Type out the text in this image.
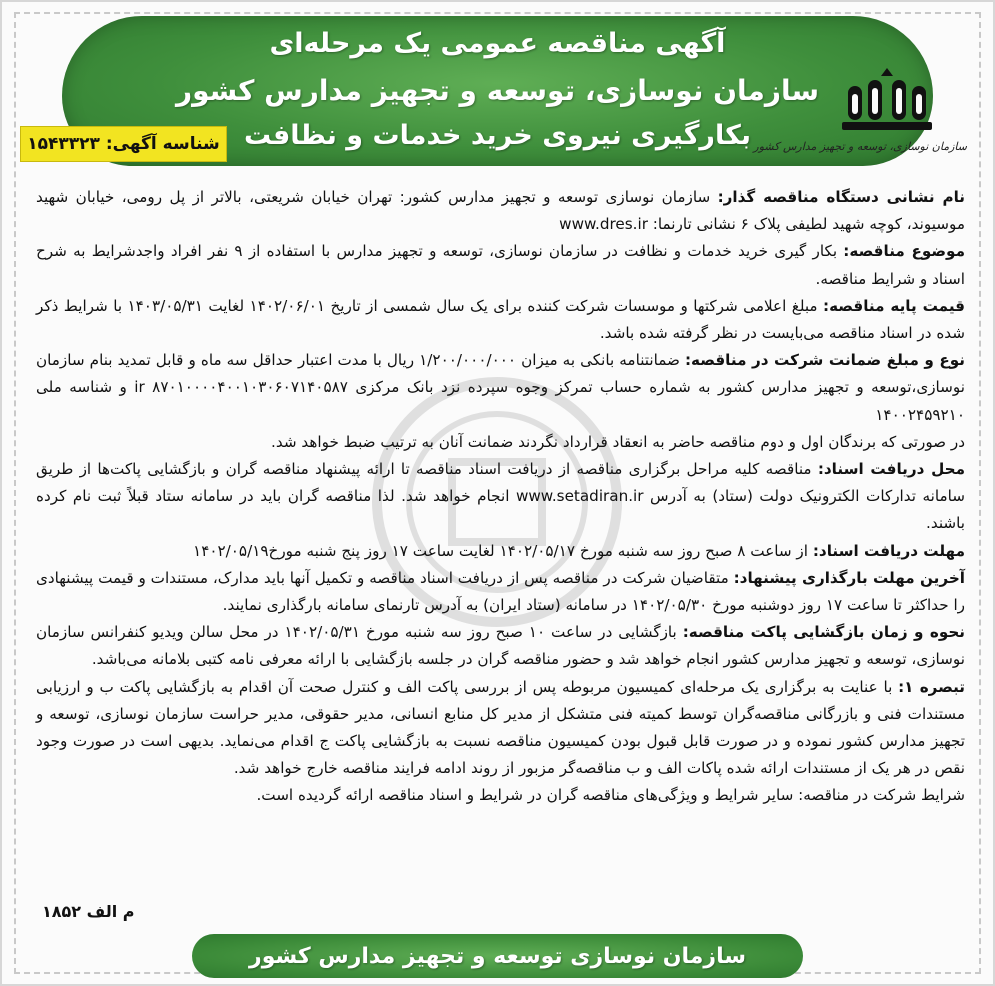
آگهی مناقصه عمومی یک مرحله‌ای
سازمان نوسازی، توسعه و تجهیز مدارس کشور
بکارگیری نیروی خرید خدمات و نظافت
شناسه آگهی: ۱۵۴۳۳۲۳	سازمان نوسازی، توسعه و تجهیز مدارس کشور

نام نشانی دستگاه مناقصه گذار: سازمان نوسازی توسعه و تجهیز مدارس کشور: تهران خیابان شریعتی، بالاتر از پل رومی، خیابان شهید موسیوند، کوچه شهید لطیفی پلاک ۶ نشانی تارنما: www.dres.ir

موضوع مناقصه: بکار گیری خرید خدمات و نظافت در سازمان نوسازی، توسعه و تجهیز مدارس با استفاده از ۹ نفر افراد واجدشرایط به شرح اسناد و شرایط مناقصه.

قیمت پایه مناقصه: مبلغ اعلامی شرکتها و موسسات شرکت کننده برای یک سال شمسی از تاریخ ۱۴۰۲/۰۶/۰۱ لغایت ۱۴۰۳/۰۵/۳۱ با شرایط ذکر شده در اسناد مناقصه می‌بایست در نظر گرفته شده باشد.

نوع و مبلغ ضمانت شرکت در مناقصه: ضمانتنامه بانکی به میزان ۱/۲۰۰/۰۰۰/۰۰۰ ریال با مدت اعتبار حداقل سه ماه و قابل تمدید بنام سازمان نوسازی،توسعه و تجهیز مدارس کشور به شماره حساب تمرکز وجوه سپرده نزد بانک مرکزی ir ۸۷۰۱۰۰۰۰۴۰۰۱۰۳۰۶۰۷۱۴۰۵۸۷ و شناسه ملی ۱۴۰۰۲۴۵۹۲۱۰

در صورتی که برندگان اول و دوم مناقصه حاضر به انعقاد قرارداد نگردند ضمانت آنان به ترتیب ضبط خواهد شد.

محل دریافت اسناد: مناقصه کلیه مراحل برگزاری مناقصه از دریافت اسناد مناقصه تا ارائه پیشنهاد مناقصه گران و بازگشایی پاکت‌ها از طریق سامانه تدارکات الکترونیک دولت (ستاد) به آدرس www.setadiran.ir انجام خواهد شد. لذا مناقصه گران باید در سامانه ستاد قبلاً ثبت نام کرده باشند.

مهلت دریافت اسناد: از ساعت ۸ صبح روز سه شنبه مورخ ۱۴۰۲/۰۵/۱۷ لغایت ساعت ۱۷ روز پنج شنبه مورخ۱۴۰۲/۰۵/۱۹

آخرین مهلت بارگذاری پیشنهاد: متقاضیان شرکت در مناقصه پس از دریافت اسناد مناقصه و تکمیل آنها باید مدارک، مستندات و قیمت پیشنهادی را حداکثر تا ساعت ۱۷ روز دوشنبه مورخ ۱۴۰۲/۰۵/۳۰ در سامانه (ستاد ایران) به آدرس تارنمای سامانه بارگذاری نمایند.

نحوه و زمان بازگشایی پاکت مناقصه: بازگشایی در ساعت ۱۰ صبح روز سه شنبه مورخ ۱۴۰۲/۰۵/۳۱ در محل سالن ویدیو کنفرانس سازمان نوسازی، توسعه و تجهیز مدارس کشور انجام خواهد شد و حضور مناقصه گران در جلسه بازگشایی با ارائه معرفی نامه کتبی بلامانه می‌باشد.

تبصره ۱: با عنایت به برگزاری یک مرحله‌ای کمیسیون مربوطه پس از بررسی پاکت الف و کنترل صحت آن اقدام به بازگشایی پاکت ب و ارزیابی مستندات فنی و بازرگانی مناقصه‌گران توسط کمیته فنی متشکل از مدیر کل منابع انسانی، مدیر حقوقی، مدیر حراست سازمان نوسازی، توسعه و تجهیز مدارس کشور نموده و در صورت قابل قبول بودن کمیسیون مناقصه نسبت به بازگشایی پاکت ج اقدام می‌نماید. بدیهی است در صورت وجود نقص در هر یک از مستندات ارائه شده پاکات الف و ب مناقصه‌گر مزبور از روند ادامه فرایند مناقصه خارج خواهد شد.

شرایط شرکت در مناقصه: سایر شرایط و ویژگی‌های مناقصه گران در شرایط و اسناد مناقصه ارائه گردیده است.

م الف ۱۸۵۲
سازمان نوسازی توسعه و تجهیز مدارس کشور
